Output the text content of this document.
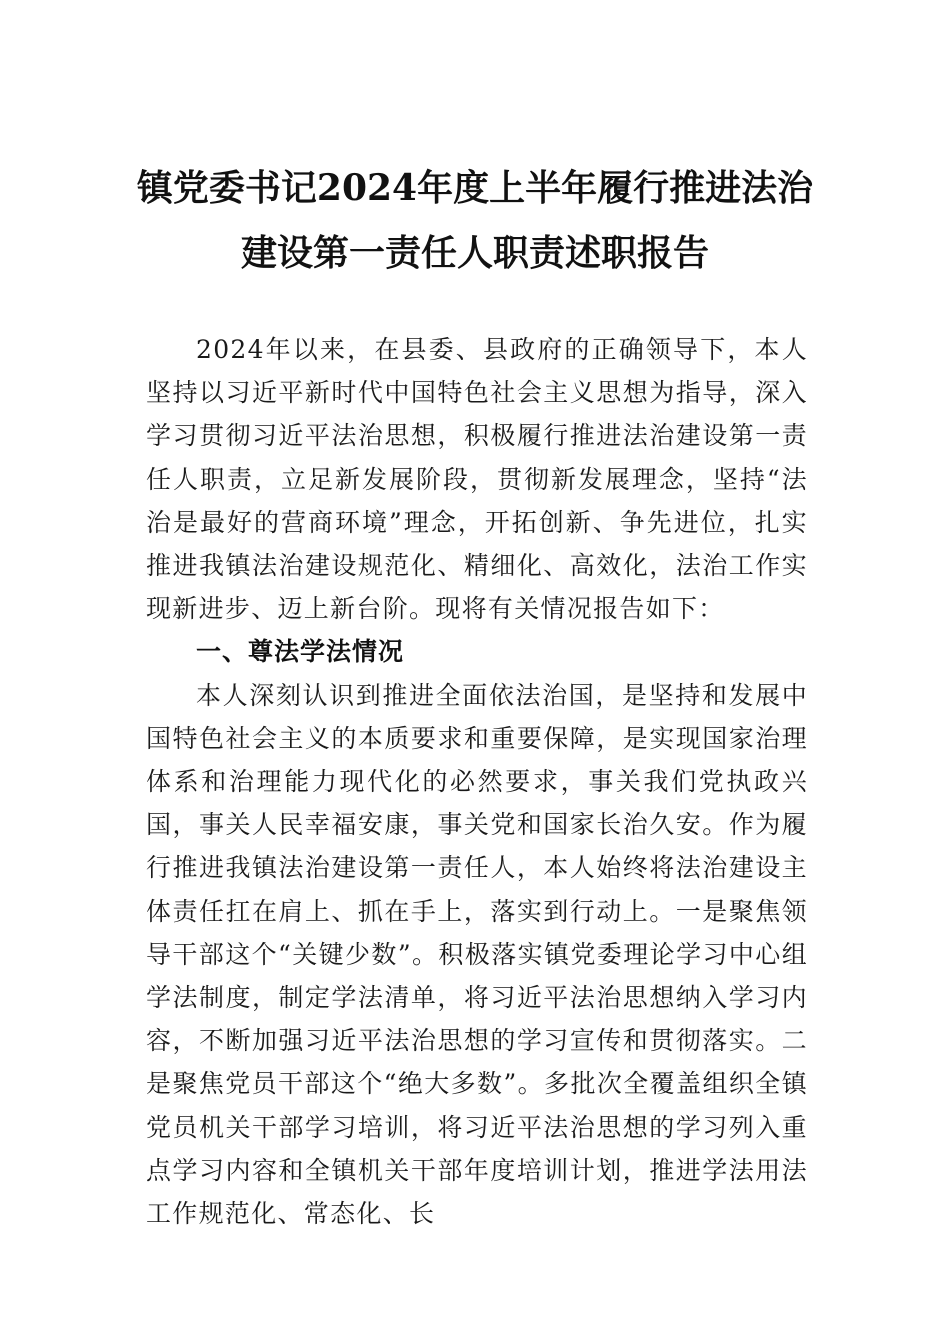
镇党委书记2024年度上半年履行推进法治
建设第一责任人职责述职报告

2024年以来，在县委、县政府的正确领导下，本人坚持以习近平新时代中国特色社会主义思想为指导，深入学习贯彻习近平法治思想，积极履行推进法治建设第一责任人职责，立足新发展阶段，贯彻新发展理念，坚持“法治是最好的营商环境”理念，开拓创新、争先进位，扎实推进我镇法治建设规范化、精细化、高效化，法治工作实现新进步、迈上新台阶。现将有关情况报告如下：

一、尊法学法情况

本人深刻认识到推进全面依法治国，是坚持和发展中国特色社会主义的本质要求和重要保障，是实现国家治理体系和治理能力现代化的必然要求，事关我们党执政兴国，事关人民幸福安康，事关党和国家长治久安。作为履行推进我镇法治建设第一责任人，本人始终将法治建设主体责任扛在肩上、抓在手上，落实到行动上。一是聚焦领导干部这个“关键少数”。积极落实镇党委理论学习中心组学法制度，制定学法清单，将习近平法治思想纳入学习内容，不断加强习近平法治思想的学习宣传和贯彻落实。二是聚焦党员干部这个“绝大多数”。多批次全覆盖组织全镇党员机关干部学习培训，将习近平法治思想的学习列入重点学习内容和全镇机关干部年度培训计划，推进学法用法工作规范化、常态化、长
